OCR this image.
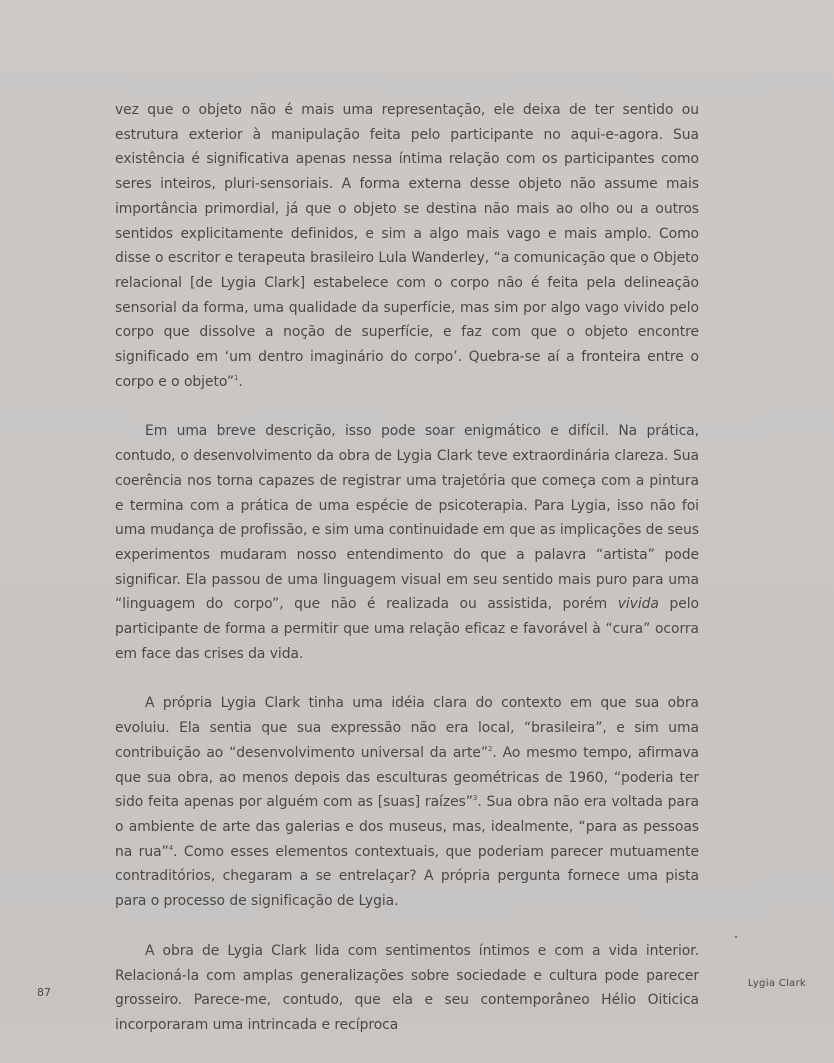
vez que o objeto não é mais uma representação, ele deixa de ter sentido ou estrutura exterior à manipulação feita pelo participante no aqui-e-agora. Sua existência é significativa apenas nessa íntima relação com os participantes como seres inteiros, pluri-sensoriais. A forma externa desse objeto não assume mais importância primordial, já que o objeto se destina não mais ao olho ou a outros sentidos explicitamente definidos, e sim a algo mais vago e mais amplo. Como disse o escritor e terapeuta brasileiro Lula Wanderley, “a comunicação que o Objeto relacional [de Lygia Clark] estabelece com o corpo não é feita pela delineação sensorial da forma, uma qualidade da superfície, mas sim por algo vago vivido pelo corpo que dissolve a noção de superfície, e faz com que o objeto encontre significado em ‘um dentro imaginário do corpo’. Quebra-se aí a fronteira entre o corpo e o objeto”$^1$.

Em uma breve descrição, isso pode soar enigmático e difícil. Na prática, contudo, o desenvolvimento da obra de Lygia Clark teve extraordinária clareza. Sua coerência nos torna capazes de registrar uma trajetória que começa com a pintura e termina com a prática de uma espécie de psicoterapia. Para Lygia, isso não foi uma mudança de profissão, e sim uma continuidade em que as implicações de seus experimentos mudaram nosso entendimento do que a palavra “artista” pode significar. Ela passou de uma linguagem visual em seu sentido mais puro para uma “linguagem do corpo”, que não é realizada ou assistida, porém vivida pelo participante de forma a permitir que uma relação eficaz e favorável à “cura” ocorra em face das crises da vida.

A própria Lygia Clark tinha uma idéia clara do contexto em que sua obra evoluiu. Ela sentia que sua expressão não era local, “brasileira”, e sim uma contribuição ao “desenvolvimento universal da arte”$^2$. Ao mesmo tempo, afirmava que sua obra, ao menos depois das esculturas geométricas de 1960, “poderia ter sido feita apenas por alguém com as [suas] raízes”$^3$. Sua obra não era voltada para o ambiente de arte das galerias e dos museus, mas, idealmente, “para as pessoas na rua”$^4$. Como esses elementos contextuais, que poderiam parecer mutuamente contraditórios, chegaram a se entrelaçar? A própria pergunta fornece uma pista para o processo de significação de Lygia.

A obra de Lygia Clark lida com sentimentos íntimos e com a vida interior. Relacioná-la com amplas generalizações sobre sociedade e cultura pode parecer grosseiro. Parece-me, contudo, que ela e seu contemporâneo Hélio Oiticica incorporaram uma intrincada e recíproca

87
Lygia Clark
